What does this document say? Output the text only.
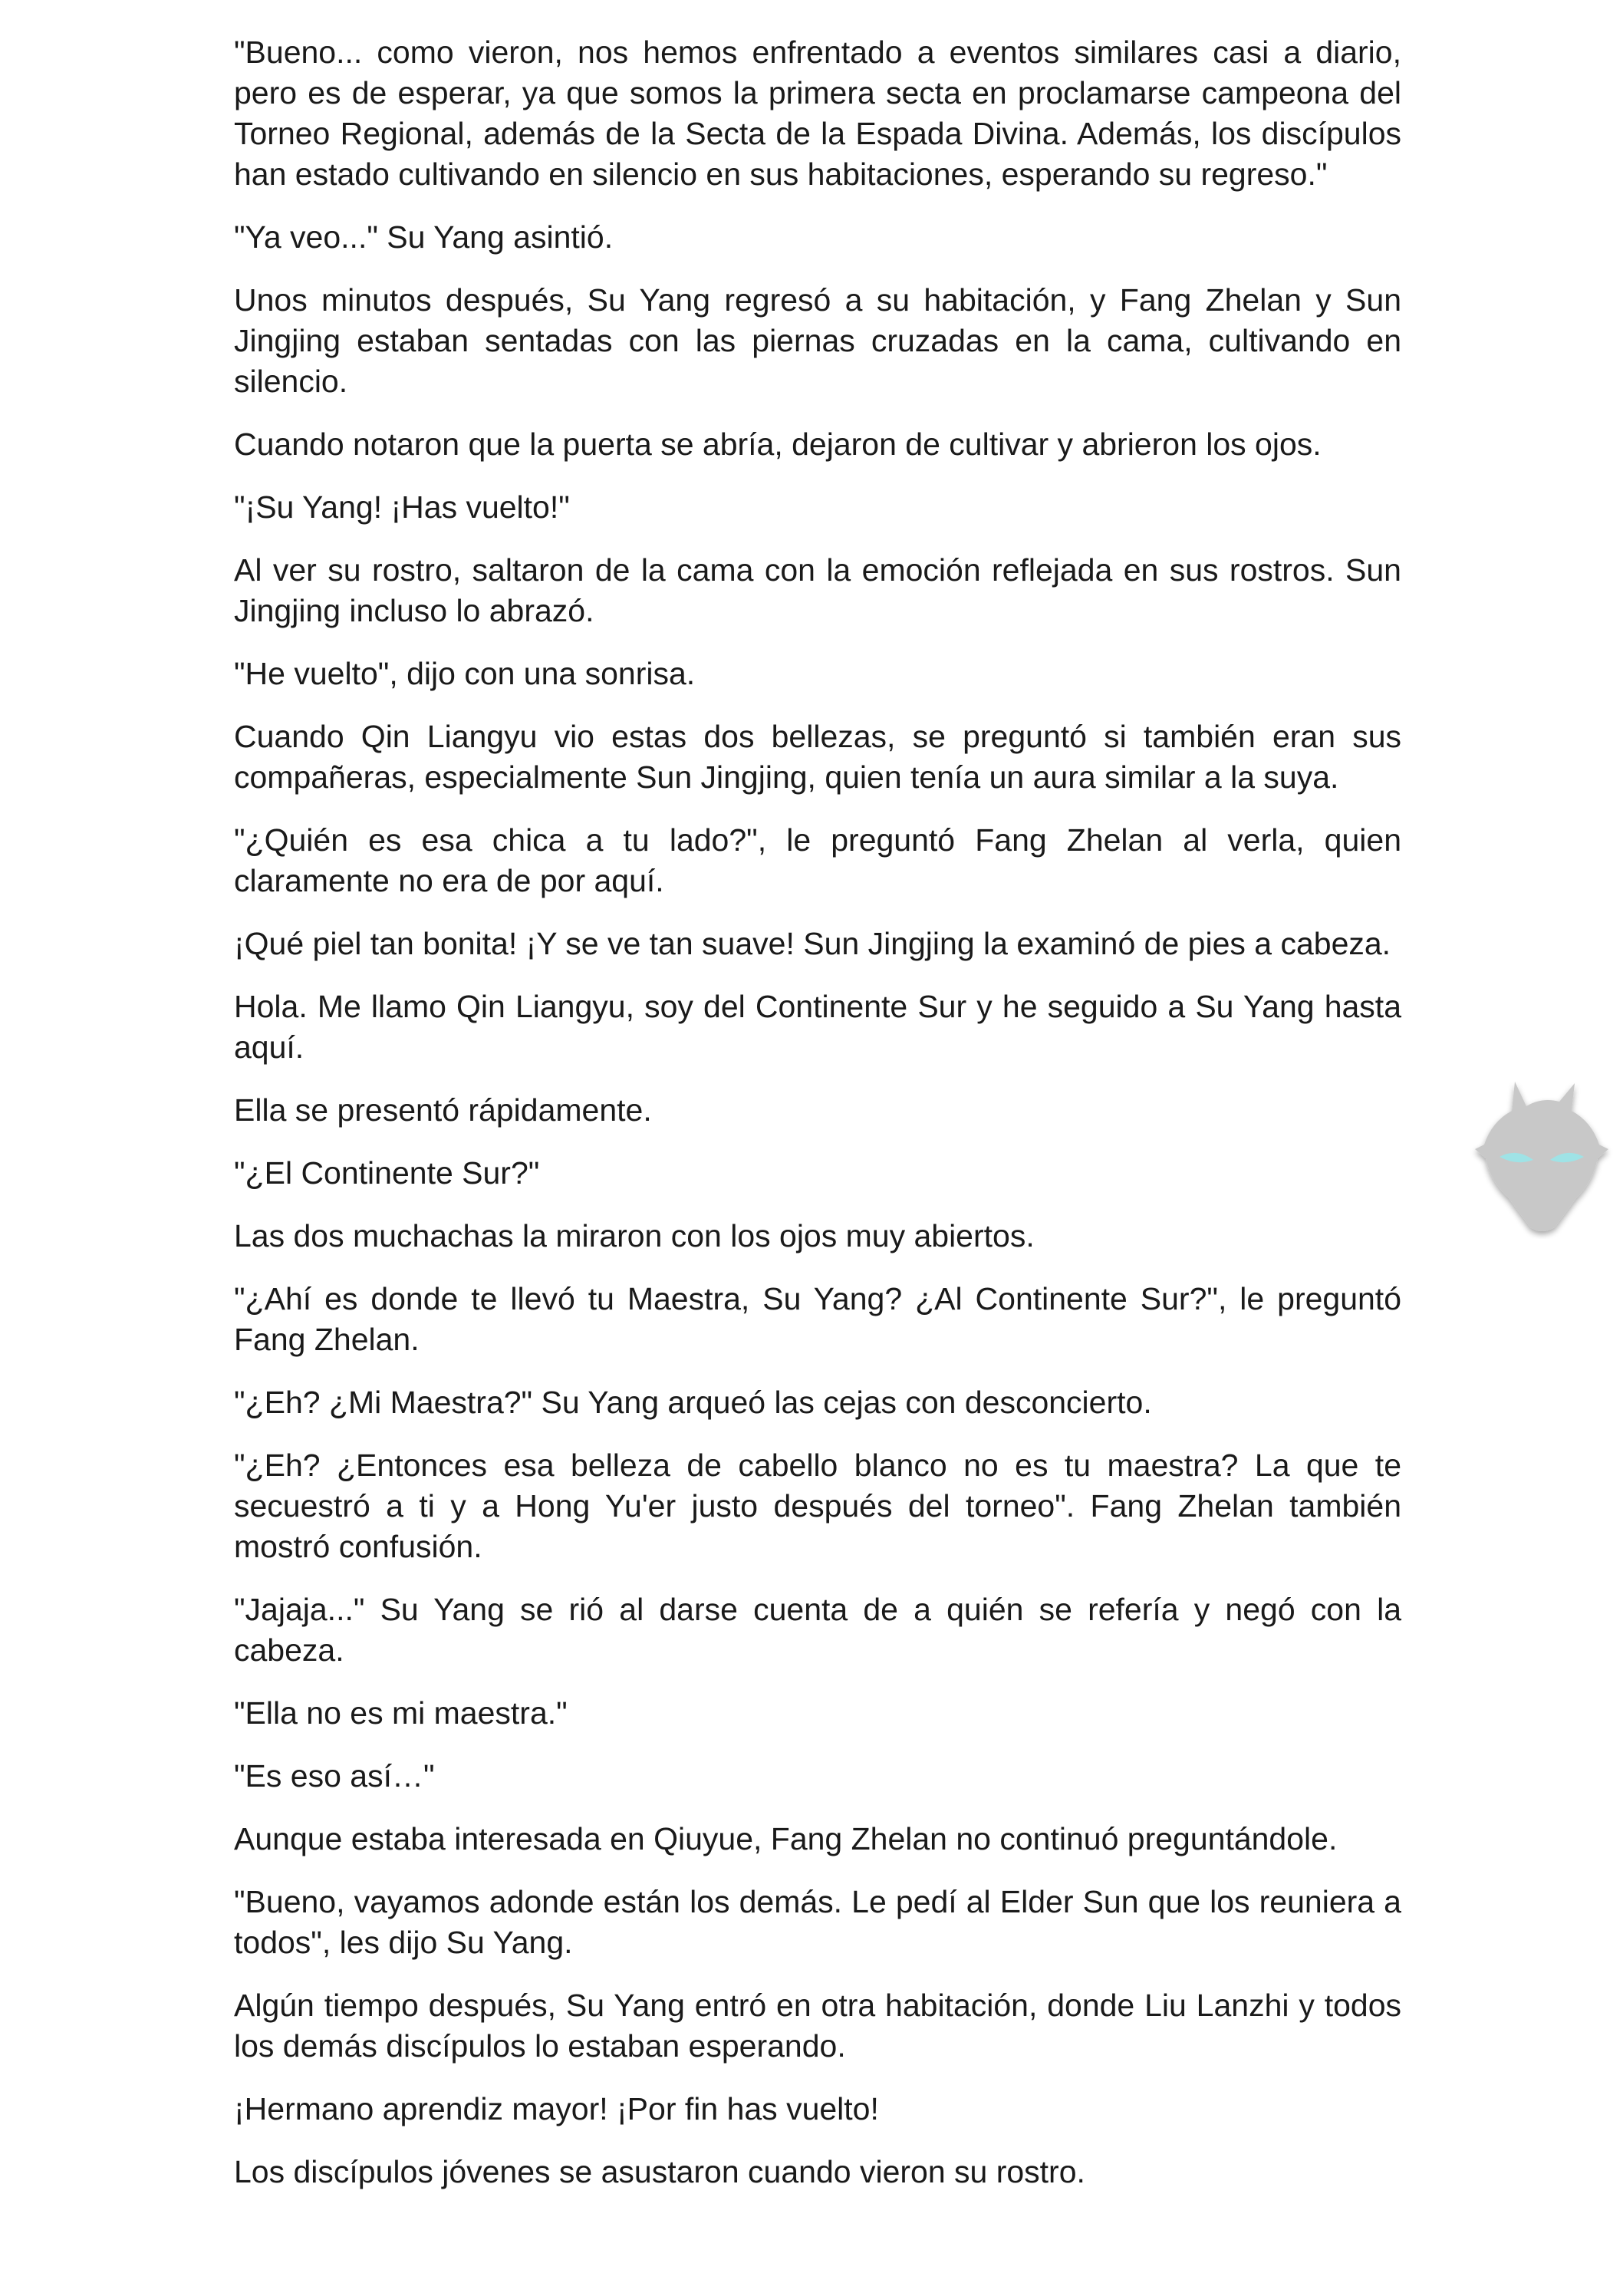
"Bueno... como vieron, nos hemos enfrentado a eventos similares casi a diario, pero es de esperar, ya que somos la primera secta en proclamarse campeona del Torneo Regional, además de la Secta de la Espada Divina. Además, los discípulos han estado cultivando en silencio en sus habitaciones, esperando su regreso."

"Ya veo..." Su Yang asintió.

Unos minutos después, Su Yang regresó a su habitación, y Fang Zhelan y Sun Jingjing estaban sentadas con las piernas cruzadas en la cama, cultivando en silencio.

Cuando notaron que la puerta se abría, dejaron de cultivar y abrieron los ojos.

"¡Su Yang! ¡Has vuelto!"

Al ver su rostro, saltaron de la cama con la emoción reflejada en sus rostros. Sun Jingjing incluso lo abrazó.

"He vuelto", dijo con una sonrisa.

Cuando Qin Liangyu vio estas dos bellezas, se preguntó si también eran sus compañeras, especialmente Sun Jingjing, quien tenía un aura similar a la suya.

"¿Quién es esa chica a tu lado?", le preguntó Fang Zhelan al verla, quien claramente no era de por aquí.

¡Qué piel tan bonita! ¡Y se ve tan suave! Sun Jingjing la examinó de pies a cabeza.

Hola. Me llamo Qin Liangyu, soy del Continente Sur y he seguido a Su Yang hasta aquí.

Ella se presentó rápidamente.

"¿El Continente Sur?"

Las dos muchachas la miraron con los ojos muy abiertos.

"¿Ahí es donde te llevó tu Maestra, Su Yang? ¿Al Continente Sur?", le preguntó Fang Zhelan.

"¿Eh? ¿Mi Maestra?" Su Yang arqueó las cejas con desconcierto.

"¿Eh? ¿Entonces esa belleza de cabello blanco no es tu maestra? La que te secuestró a ti y a Hong Yu'er justo después del torneo". Fang Zhelan también mostró confusión.

"Jajaja..." Su Yang se rió al darse cuenta de a quién se refería y negó con la cabeza.

"Ella no es mi maestra."

"Es eso así…"

Aunque estaba interesada en Qiuyue, Fang Zhelan no continuó preguntándole.

"Bueno, vayamos adonde están los demás. Le pedí al Elder Sun que los reuniera a todos", les dijo Su Yang.

Algún tiempo después, Su Yang entró en otra habitación, donde Liu Lanzhi y todos los demás discípulos lo estaban esperando.

¡Hermano aprendiz mayor! ¡Por fin has vuelto!

Los discípulos jóvenes se asustaron cuando vieron su rostro.
